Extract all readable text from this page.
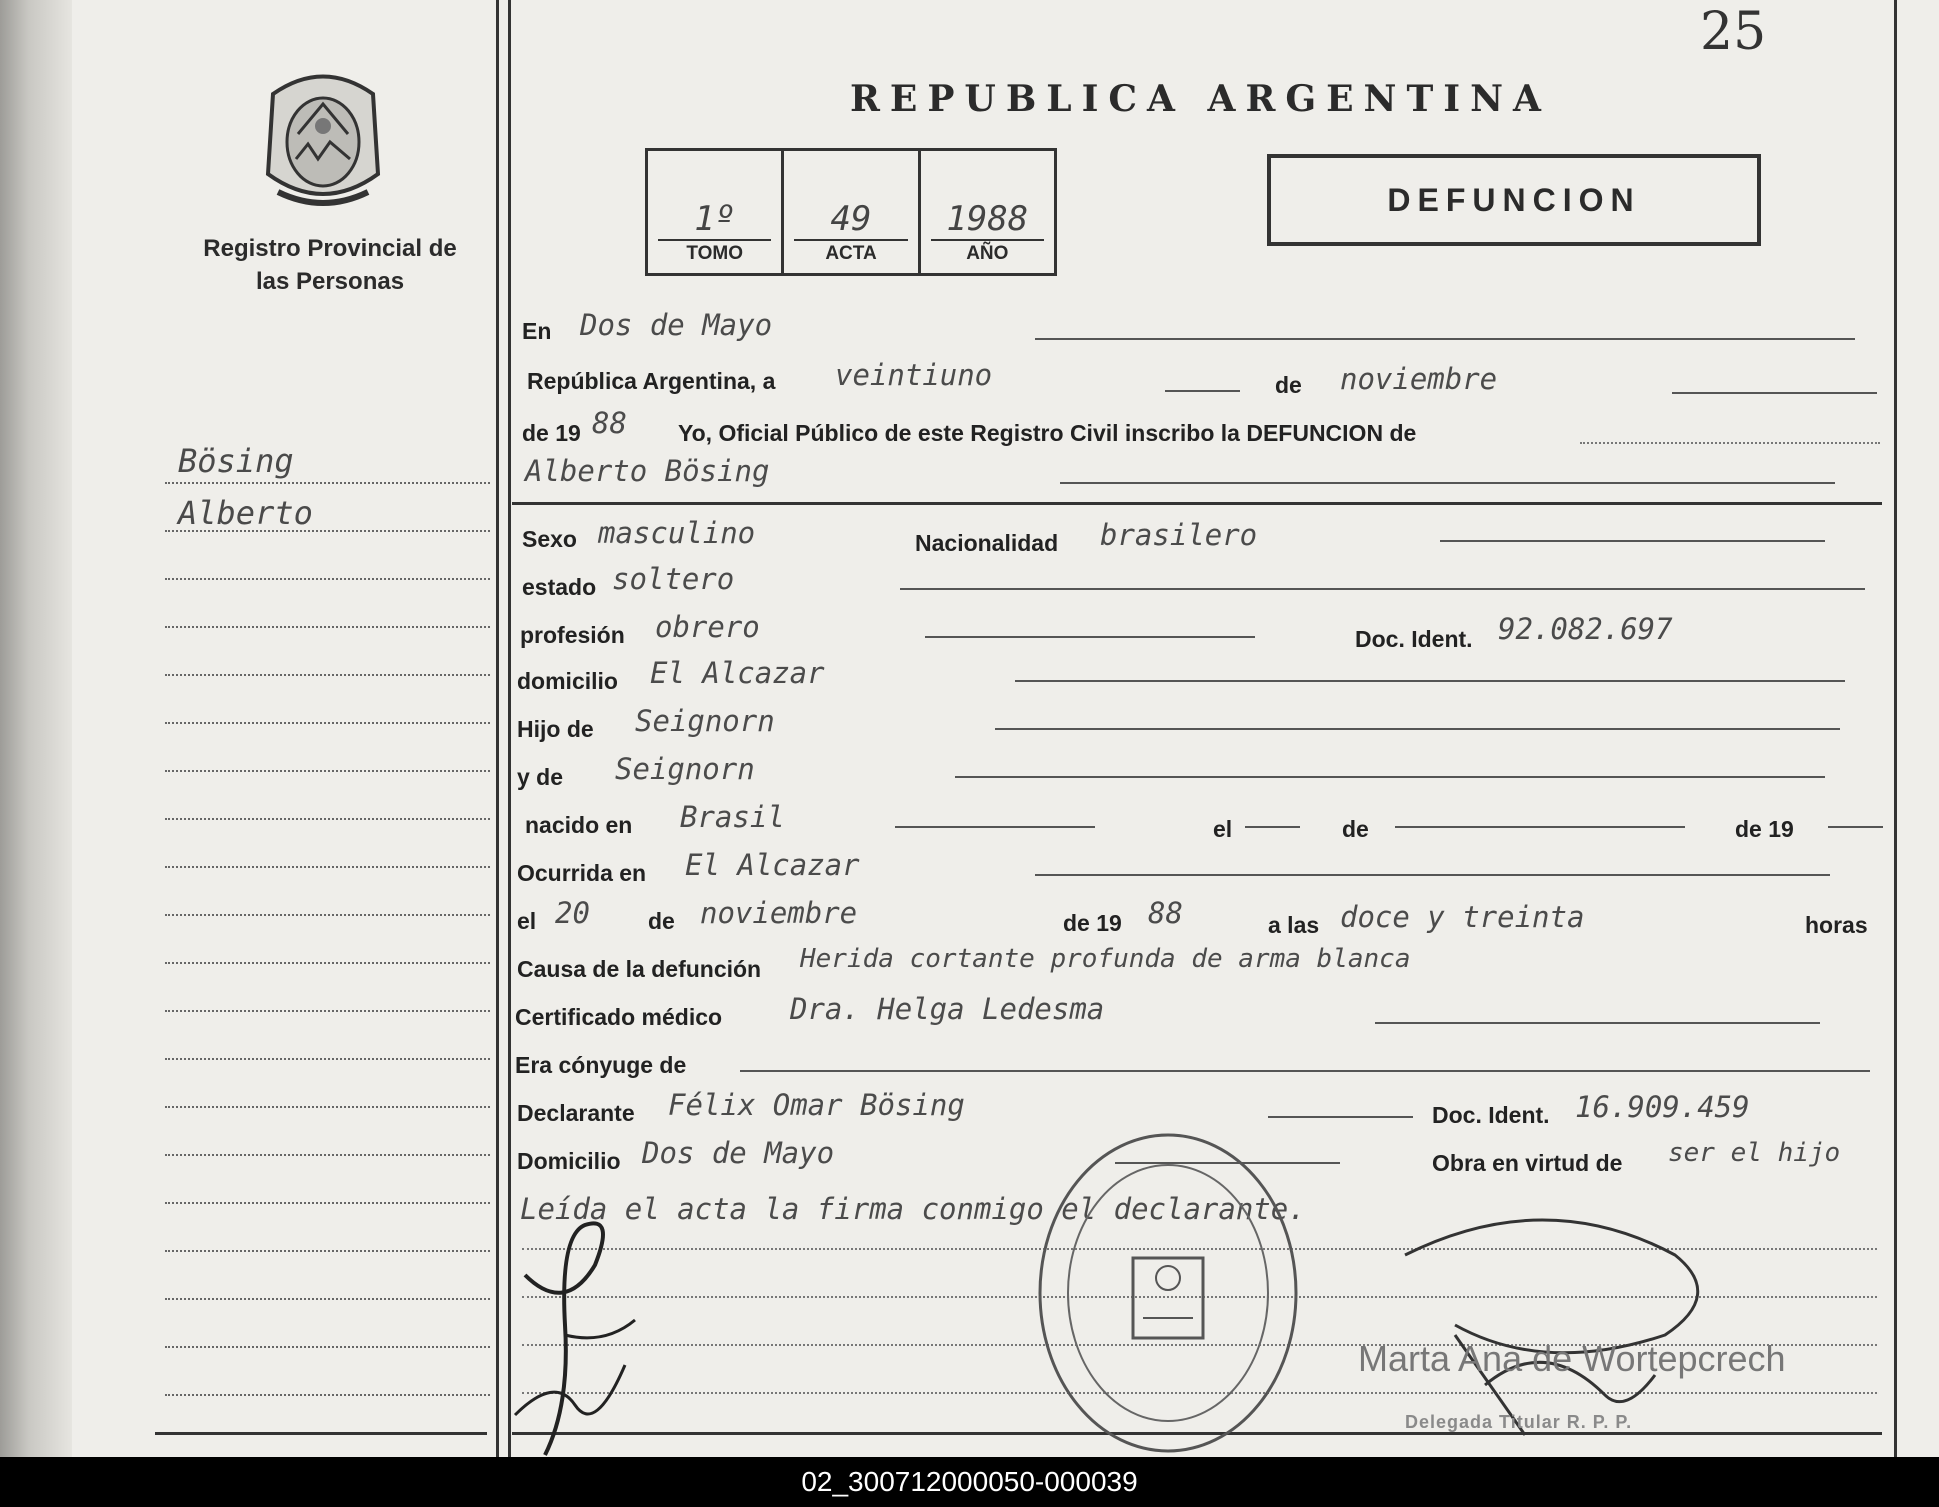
Registro Provincial de las Personas
25
REPUBLICA ARGENTINA
1º
TOMO
49
ACTA
1988
AÑO
DEFUNCION
Bösing
Alberto
En Dos de Mayo
República Argentina, a veintiuno	de noviembre
de 19 88 Yo, Oficial Público de este Registro Civil inscribo la DEFUNCION de
Alberto Bösing
Sexo masculino	Nacionalidad brasilero
estado soltero
profesión obrero	Doc. Ident. 92.082.697
domicilio El Alcazar
Hijo de Seignorn
y de Seignorn
nacido en Brasil	el	de	de 19
Ocurrida en El Alcazar
el 20	de noviembre	de 19 88	a las doce y treinta	horas
Causa de la defunción Herida cortante profunda de arma blanca
Certificado médico Dra. Helga Ledesma
Era cónyuge de
Declarante Félix Omar Bösing	Doc. Ident. 16.909.459
Domicilio Dos de Mayo	Obra en virtud de ser el hijo
Leída el acta la firma conmigo el declarante.
Marta Ana de Wortepcrech
Delegada Titular R. P. P.
02_300712000050-000039
